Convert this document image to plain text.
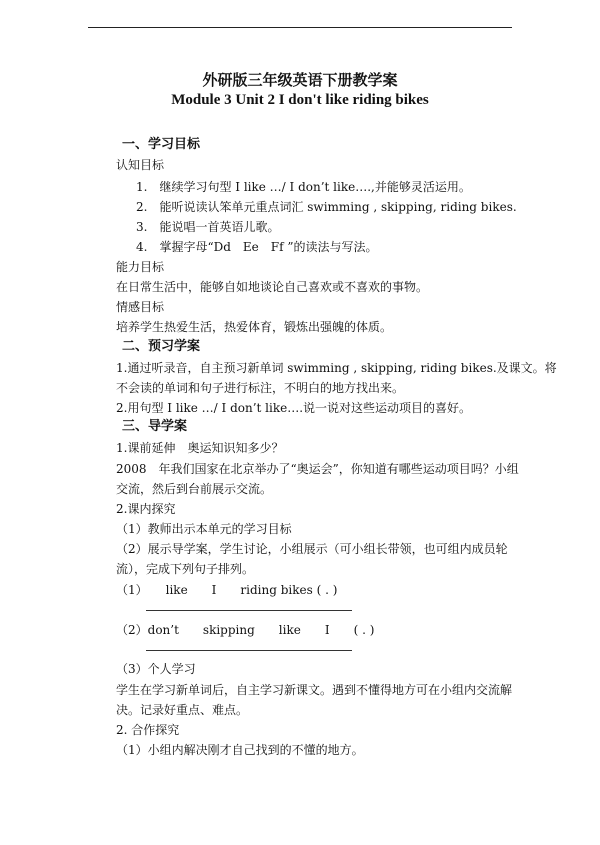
外研版三年级英语下册教学案
Module 3 Unit 2 I don't like riding bikes
一、学习目标
认知目标
1.　继续学习句型 I like …/ I don’t like….,并能够灵活运用。
2.　能听说读认笨单元重点词汇 swimming , skipping, riding bikes.
3.　能说唱一首英语儿歌。
4.　掌握字母“Dd　Ee　Ff ”的读法与写法。
能力目标
在日常生活中，能够自如地谈论自己喜欢或不喜欢的事物。
情感目标
培养学生热爱生活，热爱体育，锻炼出强魄的体质。
二、预习学案
1.通过听录音，自主预习新单词 swimming , skipping, riding bikes.及课文。将
不会读的单词和句子进行标注，不明白的地方找出来。
2.用句型 I like …/ I don’t like….说一说对这些运动项目的喜好。
三、导学案
1.课前延伸　奥运知识知多少？
2008　年我们国家在北京举办了“奥运会”，你知道有哪些运动项目吗？小组
交流，然后到台前展示交流。
2.课内探究
（1）教师出示本单元的学习目标
（2）展示导学案，学生讨论，小组展示（可小组长带领，也可组内成员轮
流），完成下列句子排列。
（1）　　like　　I　　riding bikes ( . )
（2）don’t　　skipping　　like　　I　　( . )
（3）个人学习
学生在学习新单词后，自主学习新课文。遇到不懂得地方可在小组内交流解
决。记录好重点、难点。
2. 合作探究
（1）小组内解决刚才自己找到的不懂的地方。
